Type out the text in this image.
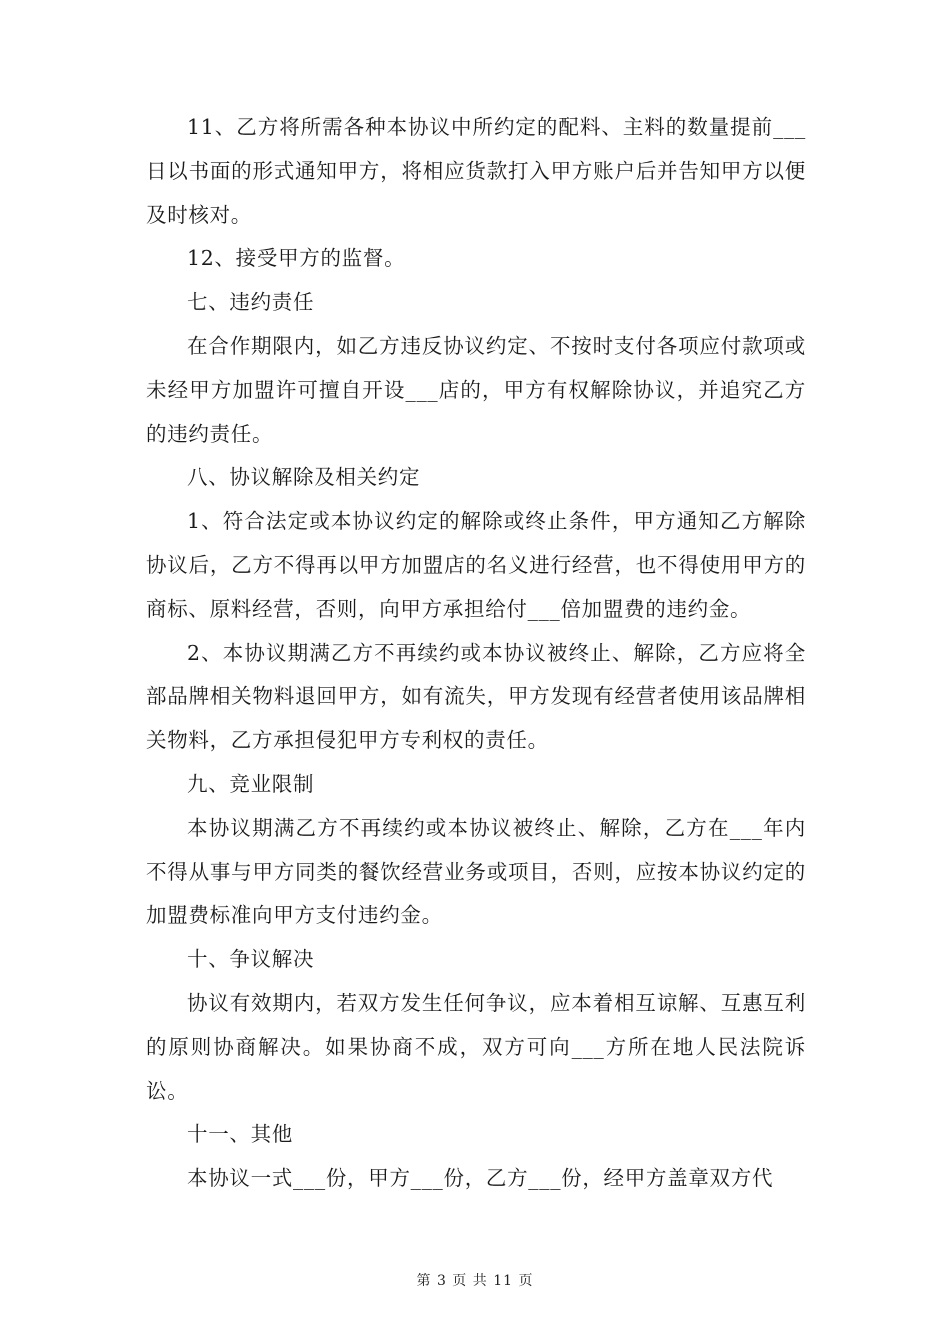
11、乙方将所需各种本协议中所约定的配料、主料的数量提前___日以书面的形式通知甲方，将相应货款打入甲方账户后并告知甲方以便及时核对。

12、接受甲方的监督。

七、违约责任

在合作期限内，如乙方违反协议约定、不按时支付各项应付款项或未经甲方加盟许可擅自开设___店的，甲方有权解除协议，并追究乙方的违约责任。

八、协议解除及相关约定

1、符合法定或本协议约定的解除或终止条件，甲方通知乙方解除协议后，乙方不得再以甲方加盟店的名义进行经营，也不得使用甲方的商标、原料经营，否则，向甲方承担给付___倍加盟费的违约金。

2、本协议期满乙方不再续约或本协议被终止、解除，乙方应将全部品牌相关物料退回甲方，如有流失，甲方发现有经营者使用该品牌相关物料，乙方承担侵犯甲方专利权的责任。

九、竞业限制

本协议期满乙方不再续约或本协议被终止、解除，乙方在___年内不得从事与甲方同类的餐饮经营业务或项目，否则，应按本协议约定的加盟费标准向甲方支付违约金。

十、争议解决

协议有效期内，若双方发生任何争议，应本着相互谅解、互惠互利的原则协商解决。如果协商不成，双方可向___方所在地人民法院诉讼。

十一、其他

本协议一式___份，甲方___份，乙方___份，经甲方盖章双方代

第 3 页 共 11 页
